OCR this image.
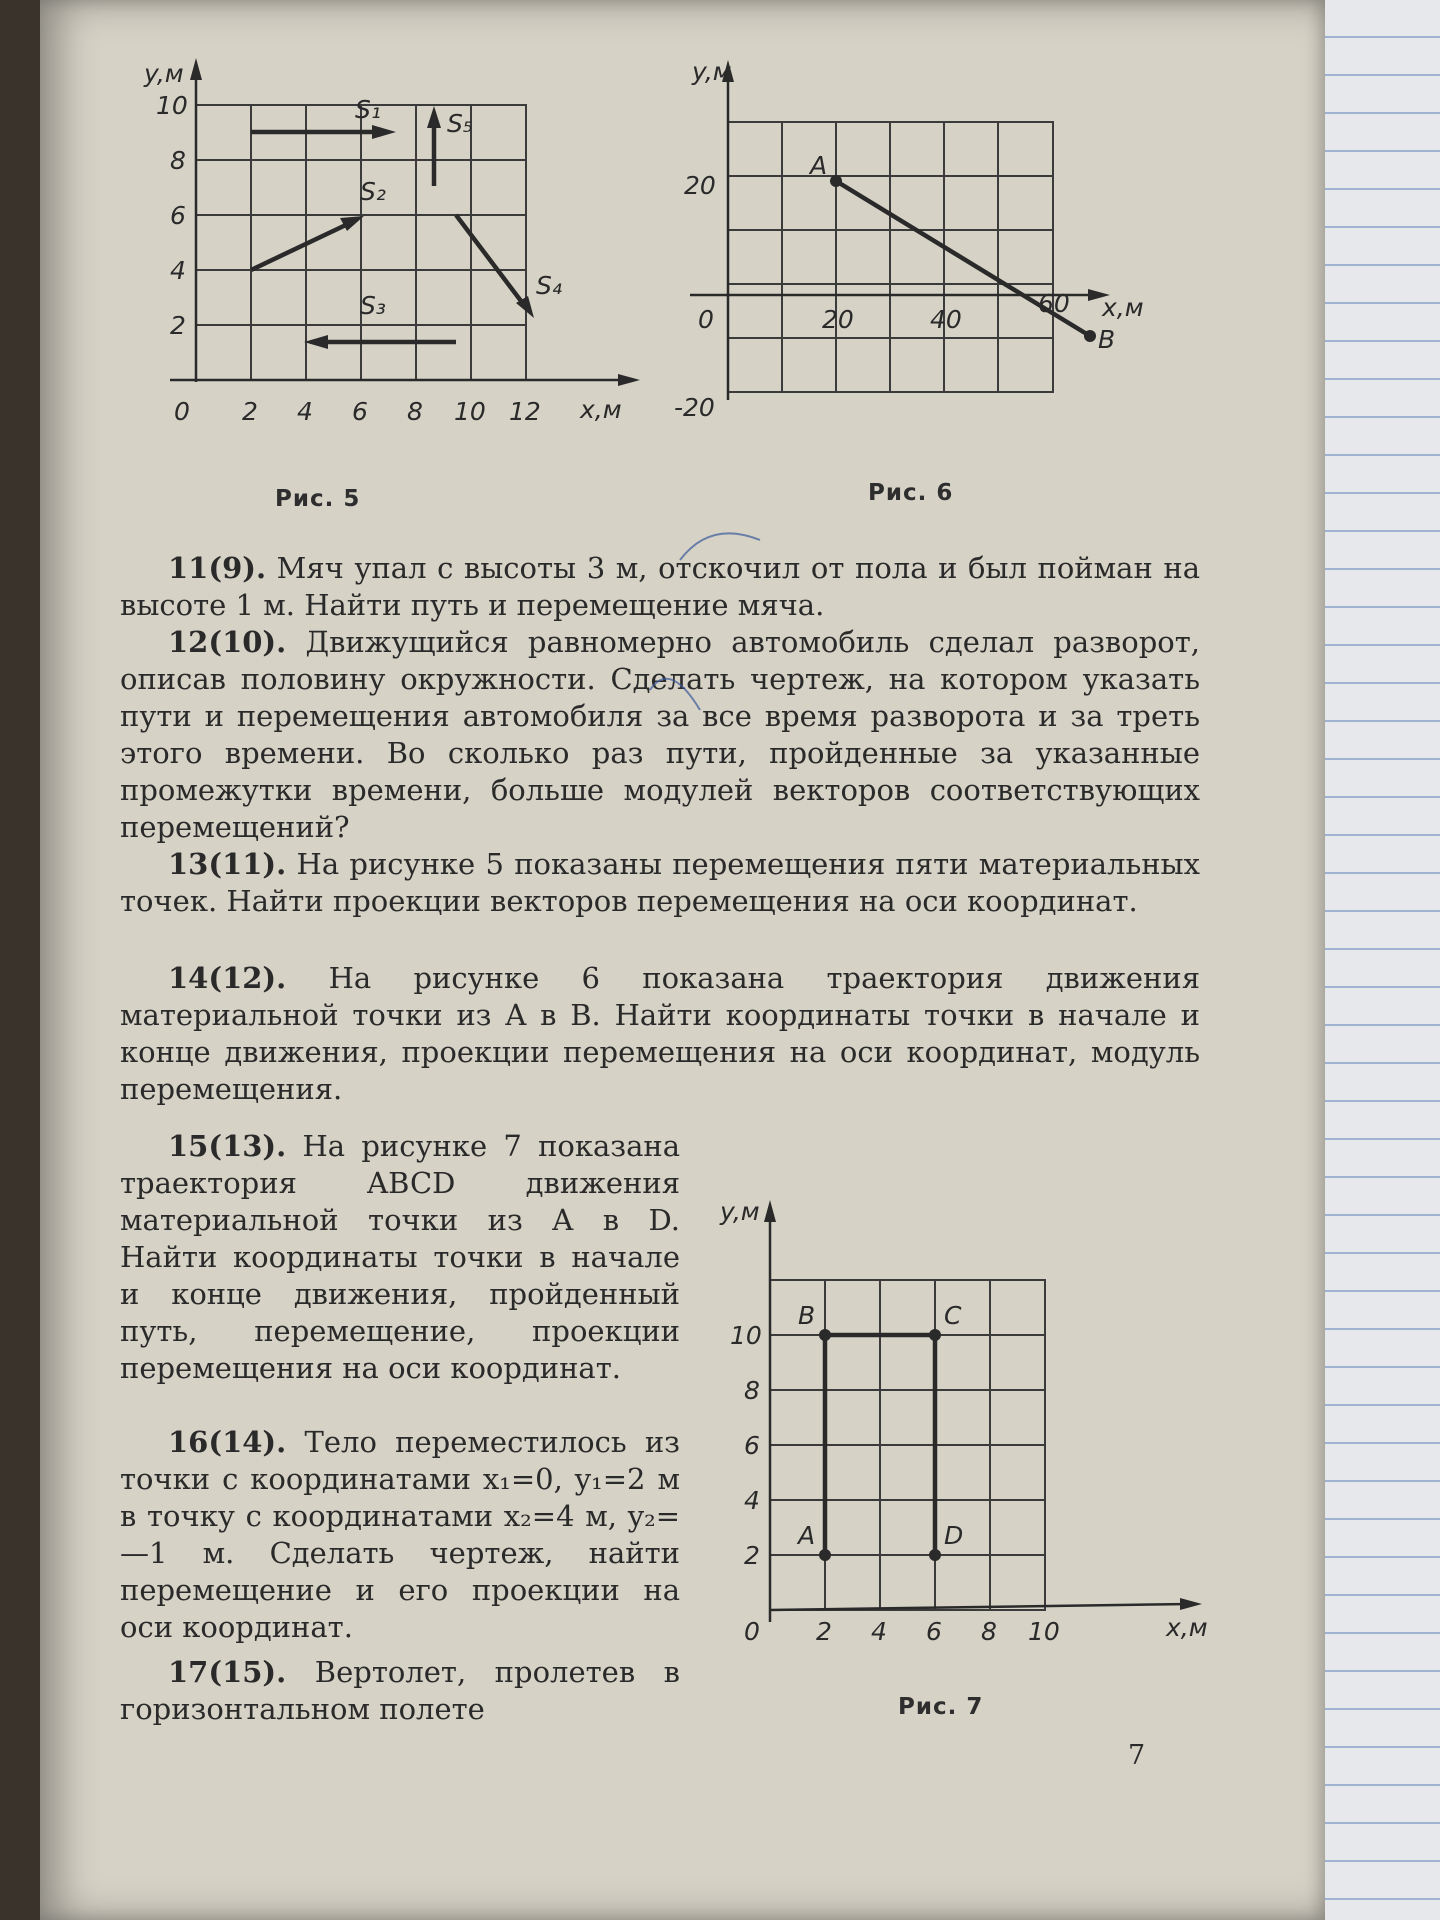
y,м
x,м
0 2 4 6 8 10 12
2
4
6
8
10	S₁
S₂
S₃
S₄
S₅
Рис. 5
y,м
x,м
0	20	40
60
20
-20
A
B
Рис. 6

11(9). Мяч упал с высоты 3 м, отскочил от пола и был пойман на высоте 1 м. Найти путь и перемещение мяча.

12(10). Движущийся равномерно автомобиль сделал разворот, описав половину окружности. Сделать чертеж, на котором указать пути и перемещения автомобиля за все время разворота и за треть этого времени. Во сколько раз пути, пройденные за указанные промежутки времени, больше модулей векторов соответствующих перемещений?

13(11). На рисунке 5 показаны перемещения пяти материальных точек. Найти проекции векторов перемещения на оси координат.

14(12). На рисунке 6 показана траектория движения материальной точки из A в B. Найти координаты точки в начале и конце движения, проекции перемещения на оси координат, модуль перемещения.

15(13). На рисунке 7 показана траектория ABCD движения материальной точки из A в D. Найти координаты точки в начале и конце движения, пройденный путь, перемещение, проекции перемещения на оси координат.

16(14). Тело переместилось из точки с координатами x₁=0, y₁=2 м в точку с координатами x₂=4 м, y₂=—1 м. Сделать чертеж, найти перемещение и его проекции на оси координат.

17(15). Вертолет, пролетев в горизонтальном полете

y,м
x,м
0 2 4 6 8 10
2
4
6
8
10
A
B	C
D
Рис. 7
7
